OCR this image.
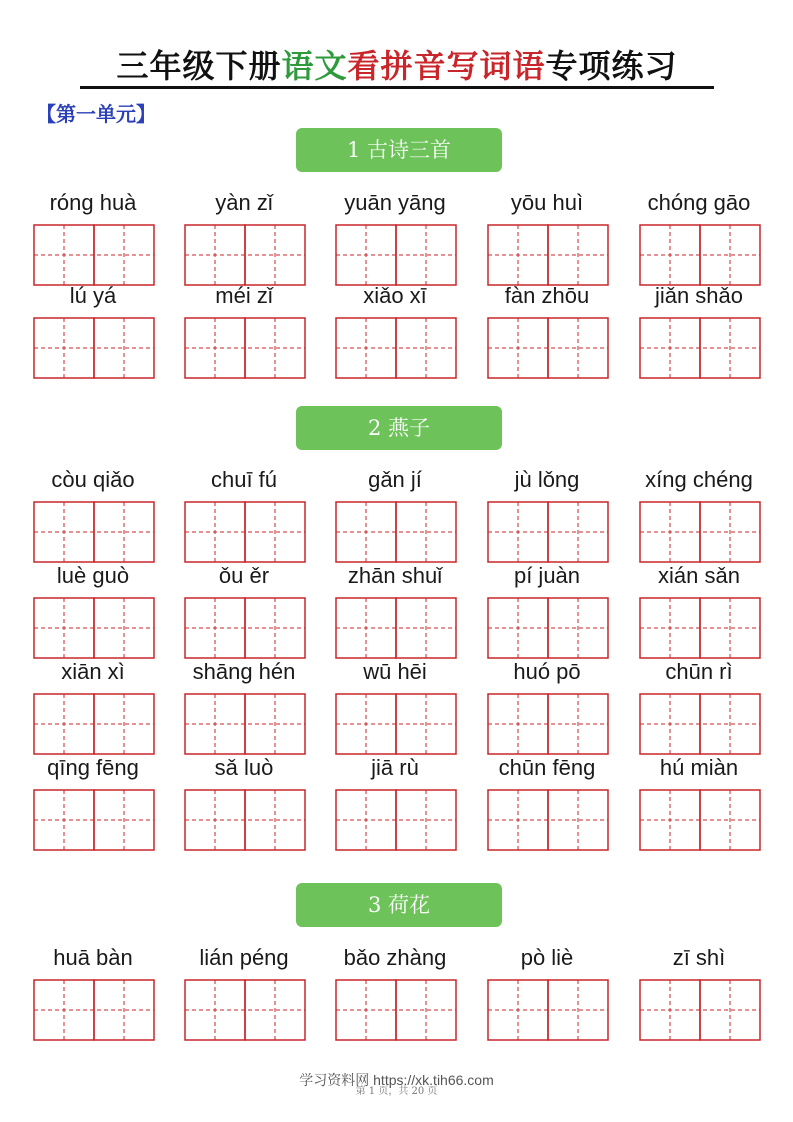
三年级下册语文看拼音写词语专项练习
【第一单元】
1 古诗三首
róng huà	yàn zǐ	yuān yāng	yōu huì	chóng gāo
lú yá	méi zǐ	xiǎo xī	fàn zhōu	jiǎn shǎo
2 燕子
còu qiǎo	chuī fú	gǎn jí	jù lǒng	xíng chéng
luè guò	ǒu ěr	zhān shuǐ	pí juàn	xián sǎn
xiān xì	shāng hén	wū hēi	huó pō	chūn rì
qīng fēng	sǎ luò	jiā rù	chūn fēng	hú miàn
3 荷花
huā bàn	lián péng	bǎo zhàng	pò liè	zī shì
学习资料网 https://xk.tih66.com
第 1 页，共 20 页
